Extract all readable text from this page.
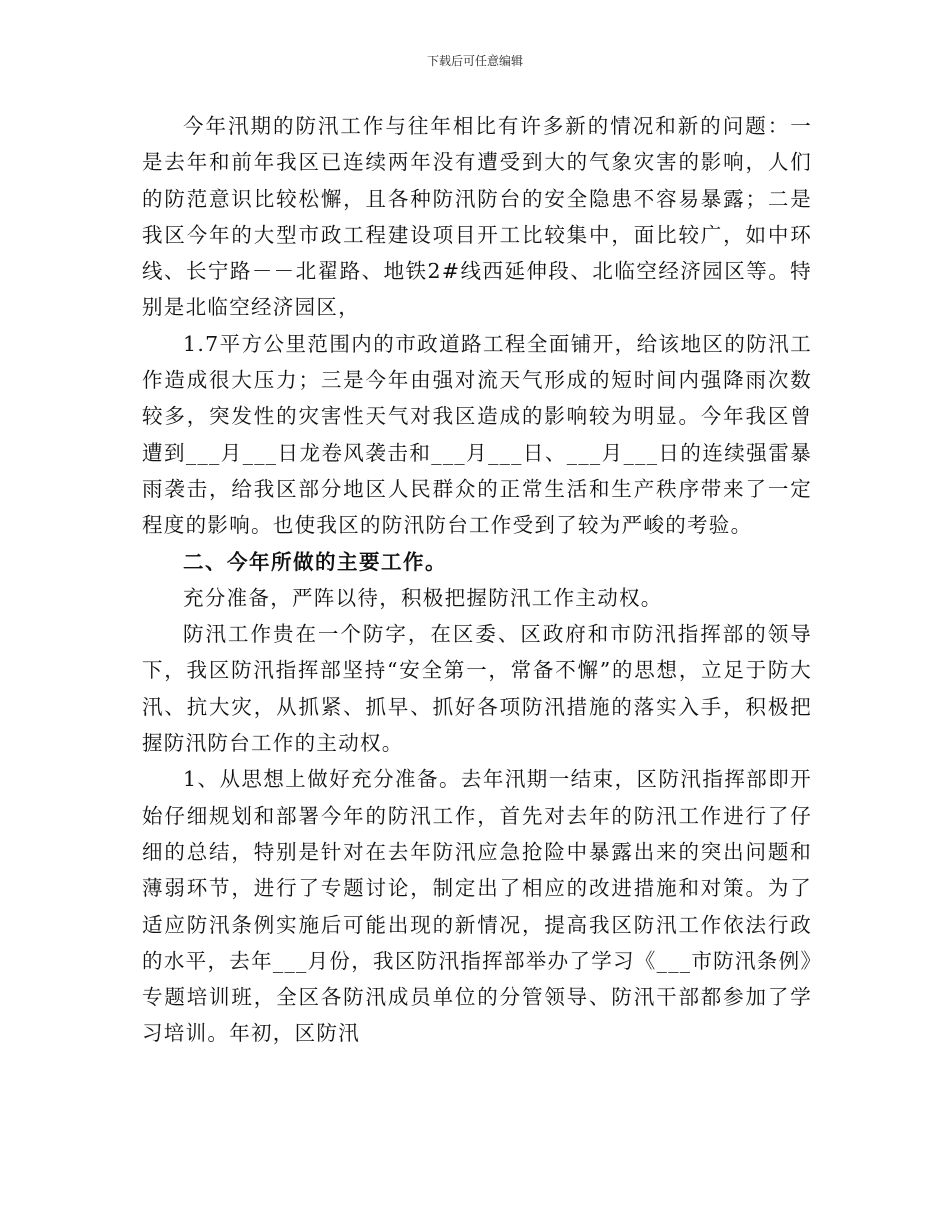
下载后可任意编辑

今年汛期的防汛工作与往年相比有许多新的情况和新的问题：一是去年和前年我区已连续两年没有遭受到大的气象灾害的影响，人们的防范意识比较松懈，且各种防汛防台的安全隐患不容易暴露；二是我区今年的大型市政工程建设项目开工比较集中，面比较广，如中环线、长宁路－－北翟路、地铁2#线西延伸段、北临空经济园区等。特别是北临空经济园区，

1.7平方公里范围内的市政道路工程全面铺开，给该地区的防汛工作造成很大压力；三是今年由强对流天气形成的短时间内强降雨次数较多，突发性的灾害性天气对我区造成的影响较为明显。今年我区曾遭到___月___日龙卷风袭击和___月___日、___月___日的连续强雷暴雨袭击，给我区部分地区人民群众的正常生活和生产秩序带来了一定程度的影响。也使我区的防汛防台工作受到了较为严峻的考验。

二、今年所做的主要工作。

充分准备，严阵以待，积极把握防汛工作主动权。

防汛工作贵在一个防字，在区委、区政府和市防汛指挥部的领导下，我区防汛指挥部坚持“安全第一，常备不懈”的思想，立足于防大汛、抗大灾，从抓紧、抓早、抓好各项防汛措施的落实入手，积极把握防汛防台工作的主动权。

1、从思想上做好充分准备。去年汛期一结束，区防汛指挥部即开始仔细规划和部署今年的防汛工作，首先对去年的防汛工作进行了仔细的总结，特别是针对在去年防汛应急抢险中暴露出来的突出问题和薄弱环节，进行了专题讨论，制定出了相应的改进措施和对策。为了适应防汛条例实施后可能出现的新情况，提高我区防汛工作依法行政的水平，去年___月份，我区防汛指挥部举办了学习《___市防汛条例》专题培训班，全区各防汛成员单位的分管领导、防汛干部都参加了学习培训。年初，区防汛
